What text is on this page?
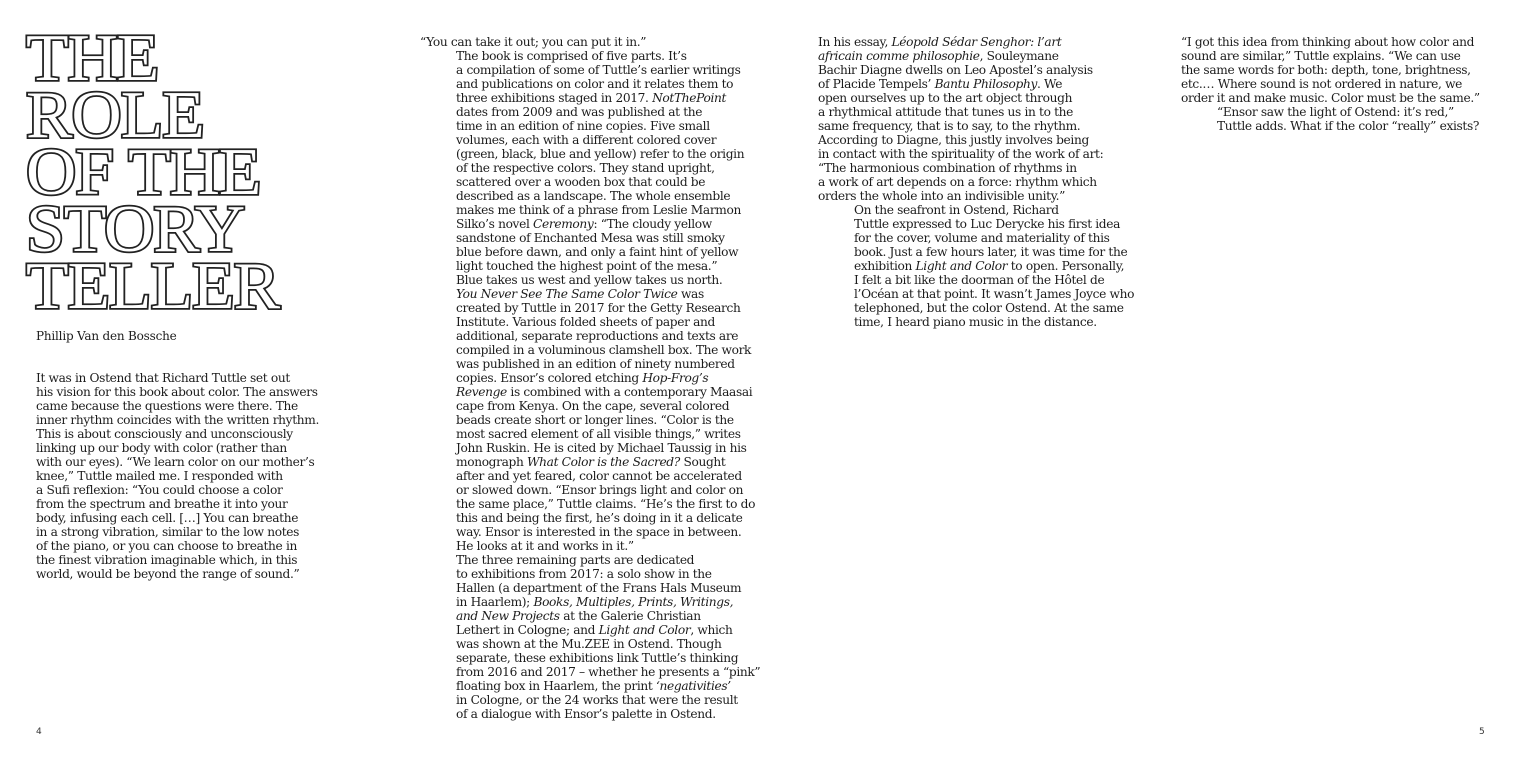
THE
ROLE
OF THE
STORY
TELLER
Phillip Van den Bossche

It was in Ostend that Richard Tuttle set out
his vision for this book about color. The answers
came because the questions were there. The
inner rhythm coincides with the written rhythm.
This is about consciously and unconsciously
linking up our body with color (rather than
with our eyes). “We learn color on our mother’s
knee,” Tuttle mailed me. I responded with
a Sufi reflexion: “You could choose a color
from the spectrum and breathe it into your
body, infusing each cell. […] You can breathe
in a strong vibration, similar to the low notes
of the piano, or you can choose to breathe in
the finest vibration imaginable which, in this
world, would be beyond the range of sound.”

“You can take it out; you can put it in.”

The book is comprised of five parts. It’s
a compilation of some of Tuttle’s earlier writings
and publications on color and it relates them to
three exhibitions staged in 2017. NotThePoint
dates from 2009 and was published at the
time in an edition of nine copies. Five small
volumes, each with a different colored cover
(green, black, blue and yellow) refer to the origin
of the respective colors. They stand upright,
scattered over a wooden box that could be
described as a landscape. The whole ensemble
makes me think of a phrase from Leslie Marmon
Silko’s novel Ceremony: “The cloudy yellow
sandstone of Enchanted Mesa was still smoky
blue before dawn, and only a faint hint of yellow
light touched the highest point of the mesa.”
Blue takes us west and yellow takes us north.

You Never See The Same Color Twice was
created by Tuttle in 2017 for the Getty Research
Institute. Various folded sheets of paper and
additional, separate reproductions and texts are
compiled in a voluminous clamshell box. The work
was published in an edition of ninety numbered
copies. Ensor’s colored etching Hop-Frog’s
Revenge is combined with a contemporary Maasai
cape from Kenya. On the cape, several colored
beads create short or longer lines. “Color is the
most sacred element of all visible things,” writes
John Ruskin. He is cited by Michael Taussig in his
monograph What Color is the Sacred? Sought
after and yet feared, color cannot be accelerated
or slowed down. “Ensor brings light and color on
the same place,” Tuttle claims. “He’s the first to do
this and being the first, he’s doing in it a delicate
way. Ensor is interested in the space in between.
He looks at it and works in it.”

The three remaining parts are dedicated
to exhibitions from 2017: a solo show in the
Hallen (a department of the Frans Hals Museum
in Haarlem); Books, Multiples, Prints, Writings,
and New Projects at the Galerie Christian
Lethert in Cologne; and Light and Color, which
was shown at the Mu.ZEE in Ostend. Though
separate, these exhibitions link Tuttle’s thinking
from 2016 and 2017 – whether he presents a “pink”
floating box in Haarlem, the print ‘negativities’
in Cologne, or the 24 works that were the result
of a dialogue with Ensor’s palette in Ostend.

In his essay, Léopold Sédar Senghor: l’art
africain comme philosophie, Souleymane
Bachir Diagne dwells on Leo Apostel’s analysis
of Placide Tempels’ Bantu Philosophy. We
open ourselves up to the art object through
a rhythmical attitude that tunes us in to the
same frequency, that is to say, to the rhythm.
According to Diagne, this justly involves being
in contact with the spirituality of the work of art:
“The harmonious combination of rhythms in
a work of art depends on a force: rhythm which
orders the whole into an indivisible unity.”

On the seafront in Ostend, Richard
Tuttle expressed to Luc Derycke his first idea
for the cover, volume and materiality of this
book. Just a few hours later, it was time for the
exhibition Light and Color to open. Personally,
I felt a bit like the doorman of the Hôtel de
l’Océan at that point. It wasn’t James Joyce who
telephoned, but the color Ostend. At the same
time, I heard piano music in the distance.

“I got this idea from thinking about how color and
sound are similar,” Tuttle explains. “We can use
the same words for both: depth, tone, brightness,
etc.… Where sound is not ordered in nature, we
order it and make music. Color must be the same.”

“Ensor saw the light of Ostend: it’s red,”
Tuttle adds. What if the color “really” exists?

4	5
